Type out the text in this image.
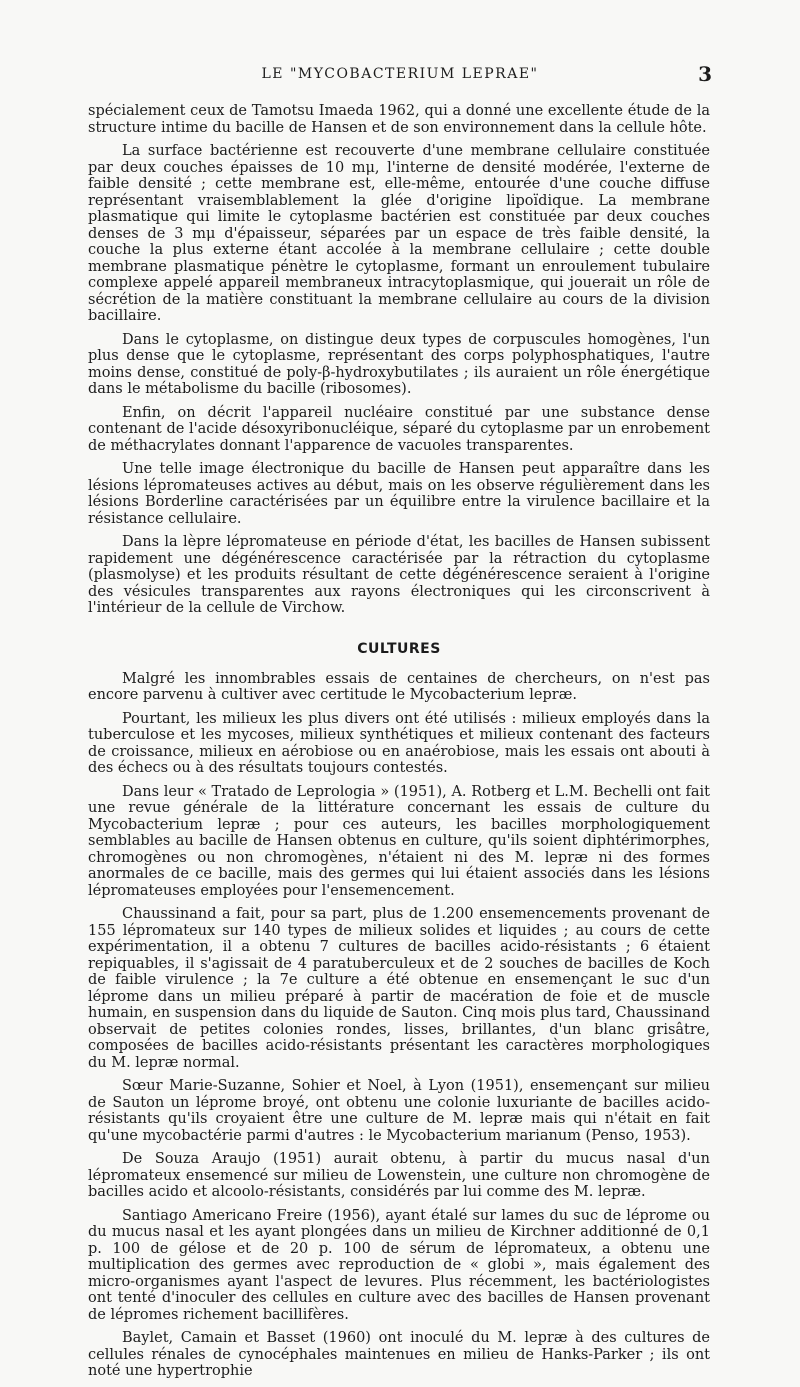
LE "MYCOBACTERIUM LEPRAE"	3

spécialement ceux de Tamotsu Imaeda 1962, qui a donné une excellente étude de la structure intime du bacille de Hansen et de son environnement dans la cellule hôte.

La surface bactérienne est recouverte d'une membrane cellulaire constituée par deux couches épaisses de 10 mμ, l'interne de densité modérée, l'externe de faible densité ; cette membrane est, elle-même, entourée d'une couche diffuse représentant vraisemblablement la glée d'origine lipoïdique. La membrane plasmatique qui limite le cytoplasme bactérien est constituée par deux couches denses de 3 mμ d'épaisseur, séparées par un espace de très faible densité, la couche la plus externe étant accolée à la membrane cellulaire ; cette double membrane plasmatique pénètre le cytoplasme, formant un enroulement tubulaire complexe appelé appareil membraneux intracytoplasmique, qui jouerait un rôle de sécrétion de la matière constituant la membrane cellulaire au cours de la division bacillaire.

Dans le cytoplasme, on distingue deux types de corpuscules homogènes, l'un plus dense que le cytoplasme, représentant des corps polyphosphatiques, l'autre moins dense, constitué de poly-β-hydroxybutilates ; ils auraient un rôle énergétique dans le métabolisme du bacille (ribosomes).

Enfin, on décrit l'appareil nucléaire constitué par une substance dense contenant de l'acide désoxyribonucléique, séparé du cytoplasme par un enrobement de méthacrylates donnant l'apparence de vacuoles transparentes.

Une telle image électronique du bacille de Hansen peut apparaître dans les lésions lépromateuses actives au début, mais on les observe régulièrement dans les lésions Borderline caractérisées par un équilibre entre la virulence bacillaire et la résistance cellulaire.

Dans la lèpre lépromateuse en période d'état, les bacilles de Hansen subissent rapidement une dégénérescence caractérisée par la rétraction du cytoplasme (plasmolyse) et les produits résultant de cette dégénérescence seraient à l'origine des vésicules transparentes aux rayons électroniques qui les circonscrivent à l'intérieur de la cellule de Virchow.

CULTURES

Malgré les innombrables essais de centaines de chercheurs, on n'est pas encore parvenu à cultiver avec certitude le Mycobacterium lepræ.

Pourtant, les milieux les plus divers ont été utilisés : milieux employés dans la tuberculose et les mycoses, milieux synthétiques et milieux contenant des facteurs de croissance, milieux en aérobiose ou en anaérobiose, mais les essais ont abouti à des échecs ou à des résultats toujours contestés.

Dans leur « Tratado de Leprologia » (1951), A. Rotberg et L.M. Bechelli ont fait une revue générale de la littérature concernant les essais de culture du Mycobacterium lepræ ; pour ces auteurs, les bacilles morphologiquement semblables au bacille de Hansen obtenus en culture, qu'ils soient diphtérimorphes, chromogènes ou non chromogènes, n'étaient ni des M. lepræ ni des formes anormales de ce bacille, mais des germes qui lui étaient associés dans les lésions lépromateuses employées pour l'ensemencement.

Chaussinand a fait, pour sa part, plus de 1.200 ensemencements provenant de 155 lépromateux sur 140 types de milieux solides et liquides ; au cours de cette expérimentation, il a obtenu 7 cultures de bacilles acido-résistants ; 6 étaient repiquables, il s'agissait de 4 paratuberculeux et de 2 souches de bacilles de Koch de faible virulence ; la 7e culture a été obtenue en ensemençant le suc d'un léprome dans un milieu préparé à partir de macération de foie et de muscle humain, en suspension dans du liquide de Sauton. Cinq mois plus tard, Chaussinand observait de petites colonies rondes, lisses, brillantes, d'un blanc grisâtre, composées de bacilles acido-résistants présentant les caractères morphologiques du M. lepræ normal.

Sœur Marie-Suzanne, Sohier et Noel, à Lyon (1951), ensemençant sur milieu de Sauton un léprome broyé, ont obtenu une colonie luxuriante de bacilles acido-résistants qu'ils croyaient être une culture de M. lepræ mais qui n'était en fait qu'une mycobactérie parmi d'autres : le Mycobacterium marianum (Penso, 1953).

De Souza Araujo (1951) aurait obtenu, à partir du mucus nasal d'un lépromateux ensemencé sur milieu de Lowenstein, une culture non chromogène de bacilles acido et alcoolo-résistants, considérés par lui comme des M. lepræ.

Santiago Americano Freire (1956), ayant étalé sur lames du suc de léprome ou du mucus nasal et les ayant plongées dans un milieu de Kirchner additionné de 0,1 p. 100 de gélose et de 20 p. 100 de sérum de lépromateux, a obtenu une multiplication des germes avec reproduction de « globi », mais également des micro-organismes ayant l'aspect de levures. Plus récemment, les bactériologistes ont tenté d'inoculer des cellules en culture avec des bacilles de Hansen provenant de lépromes richement bacillifères.

Baylet, Camain et Basset (1960) ont inoculé du M. lepræ à des cultures de cellules rénales de cynocéphales maintenues en milieu de Hanks-Parker ; ils ont noté une hypertrophie
